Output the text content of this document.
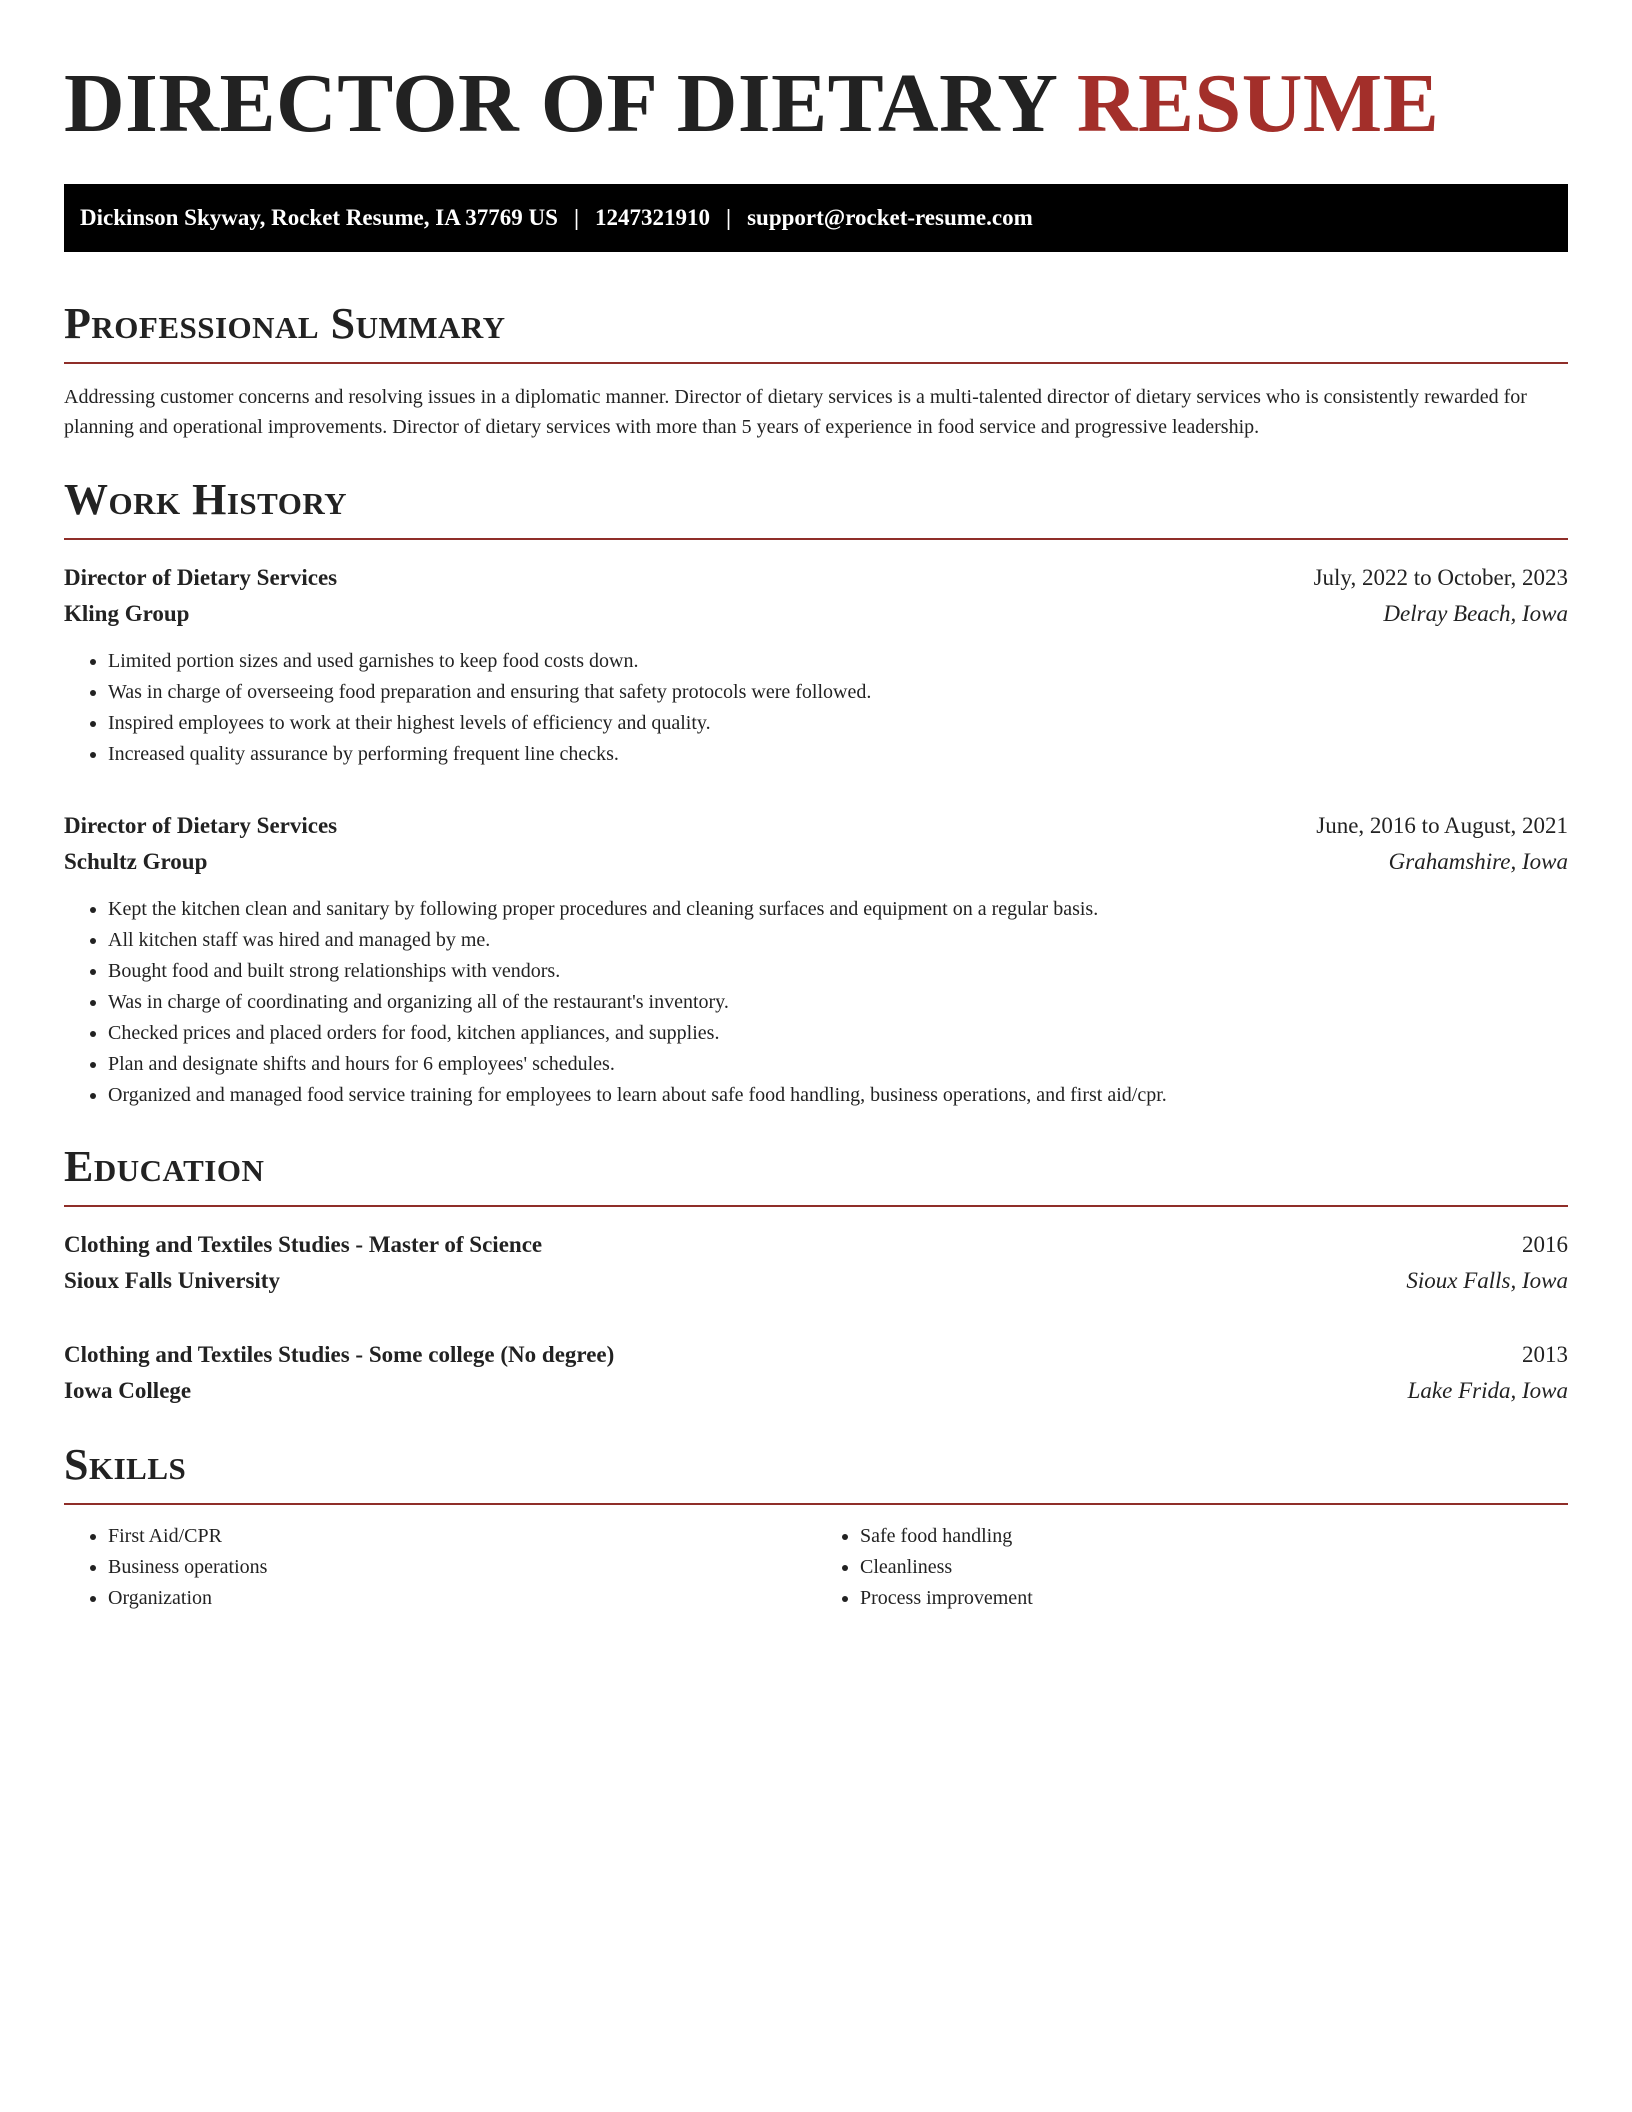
DIRECTOR OF DIETARY RESUME
Dickinson Skyway, Rocket Resume, IA 37769 US | 1247321910 | support@rocket-resume.com
Professional Summary

Addressing customer concerns and resolving issues in a diplomatic manner. Director of dietary services is a multi-talented director of dietary services who is consistently rewarded for planning and operational improvements. Director of dietary services with more than 5 years of experience in food service and progressive leadership.

Work History
Director of Dietary Services	July, 2022 to October, 2023
Kling Group	Delray Beach, Iowa
• Limited portion sizes and used garnishes to keep food costs down.
• Was in charge of overseeing food preparation and ensuring that safety protocols were followed.
• Inspired employees to work at their highest levels of efficiency and quality.
• Increased quality assurance by performing frequent line checks.
Director of Dietary Services	June, 2016 to August, 2021
Schultz Group	Grahamshire, Iowa
• Kept the kitchen clean and sanitary by following proper procedures and cleaning surfaces and equipment on a regular basis.
• All kitchen staff was hired and managed by me.
• Bought food and built strong relationships with vendors.
• Was in charge of coordinating and organizing all of the restaurant's inventory.
• Checked prices and placed orders for food, kitchen appliances, and supplies.
• Plan and designate shifts and hours for 6 employees' schedules.
• Organized and managed food service training for employees to learn about safe food handling, business operations, and first aid/cpr.
Education
Clothing and Textiles Studies - Master of Science	2016
Sioux Falls University	Sioux Falls, Iowa
Clothing and Textiles Studies - Some college (No degree)	2013
Iowa College	Lake Frida, Iowa
Skills
• First Aid/CPR
• Business operations
• Organization
• Safe food handling
• Cleanliness
• Process improvement
